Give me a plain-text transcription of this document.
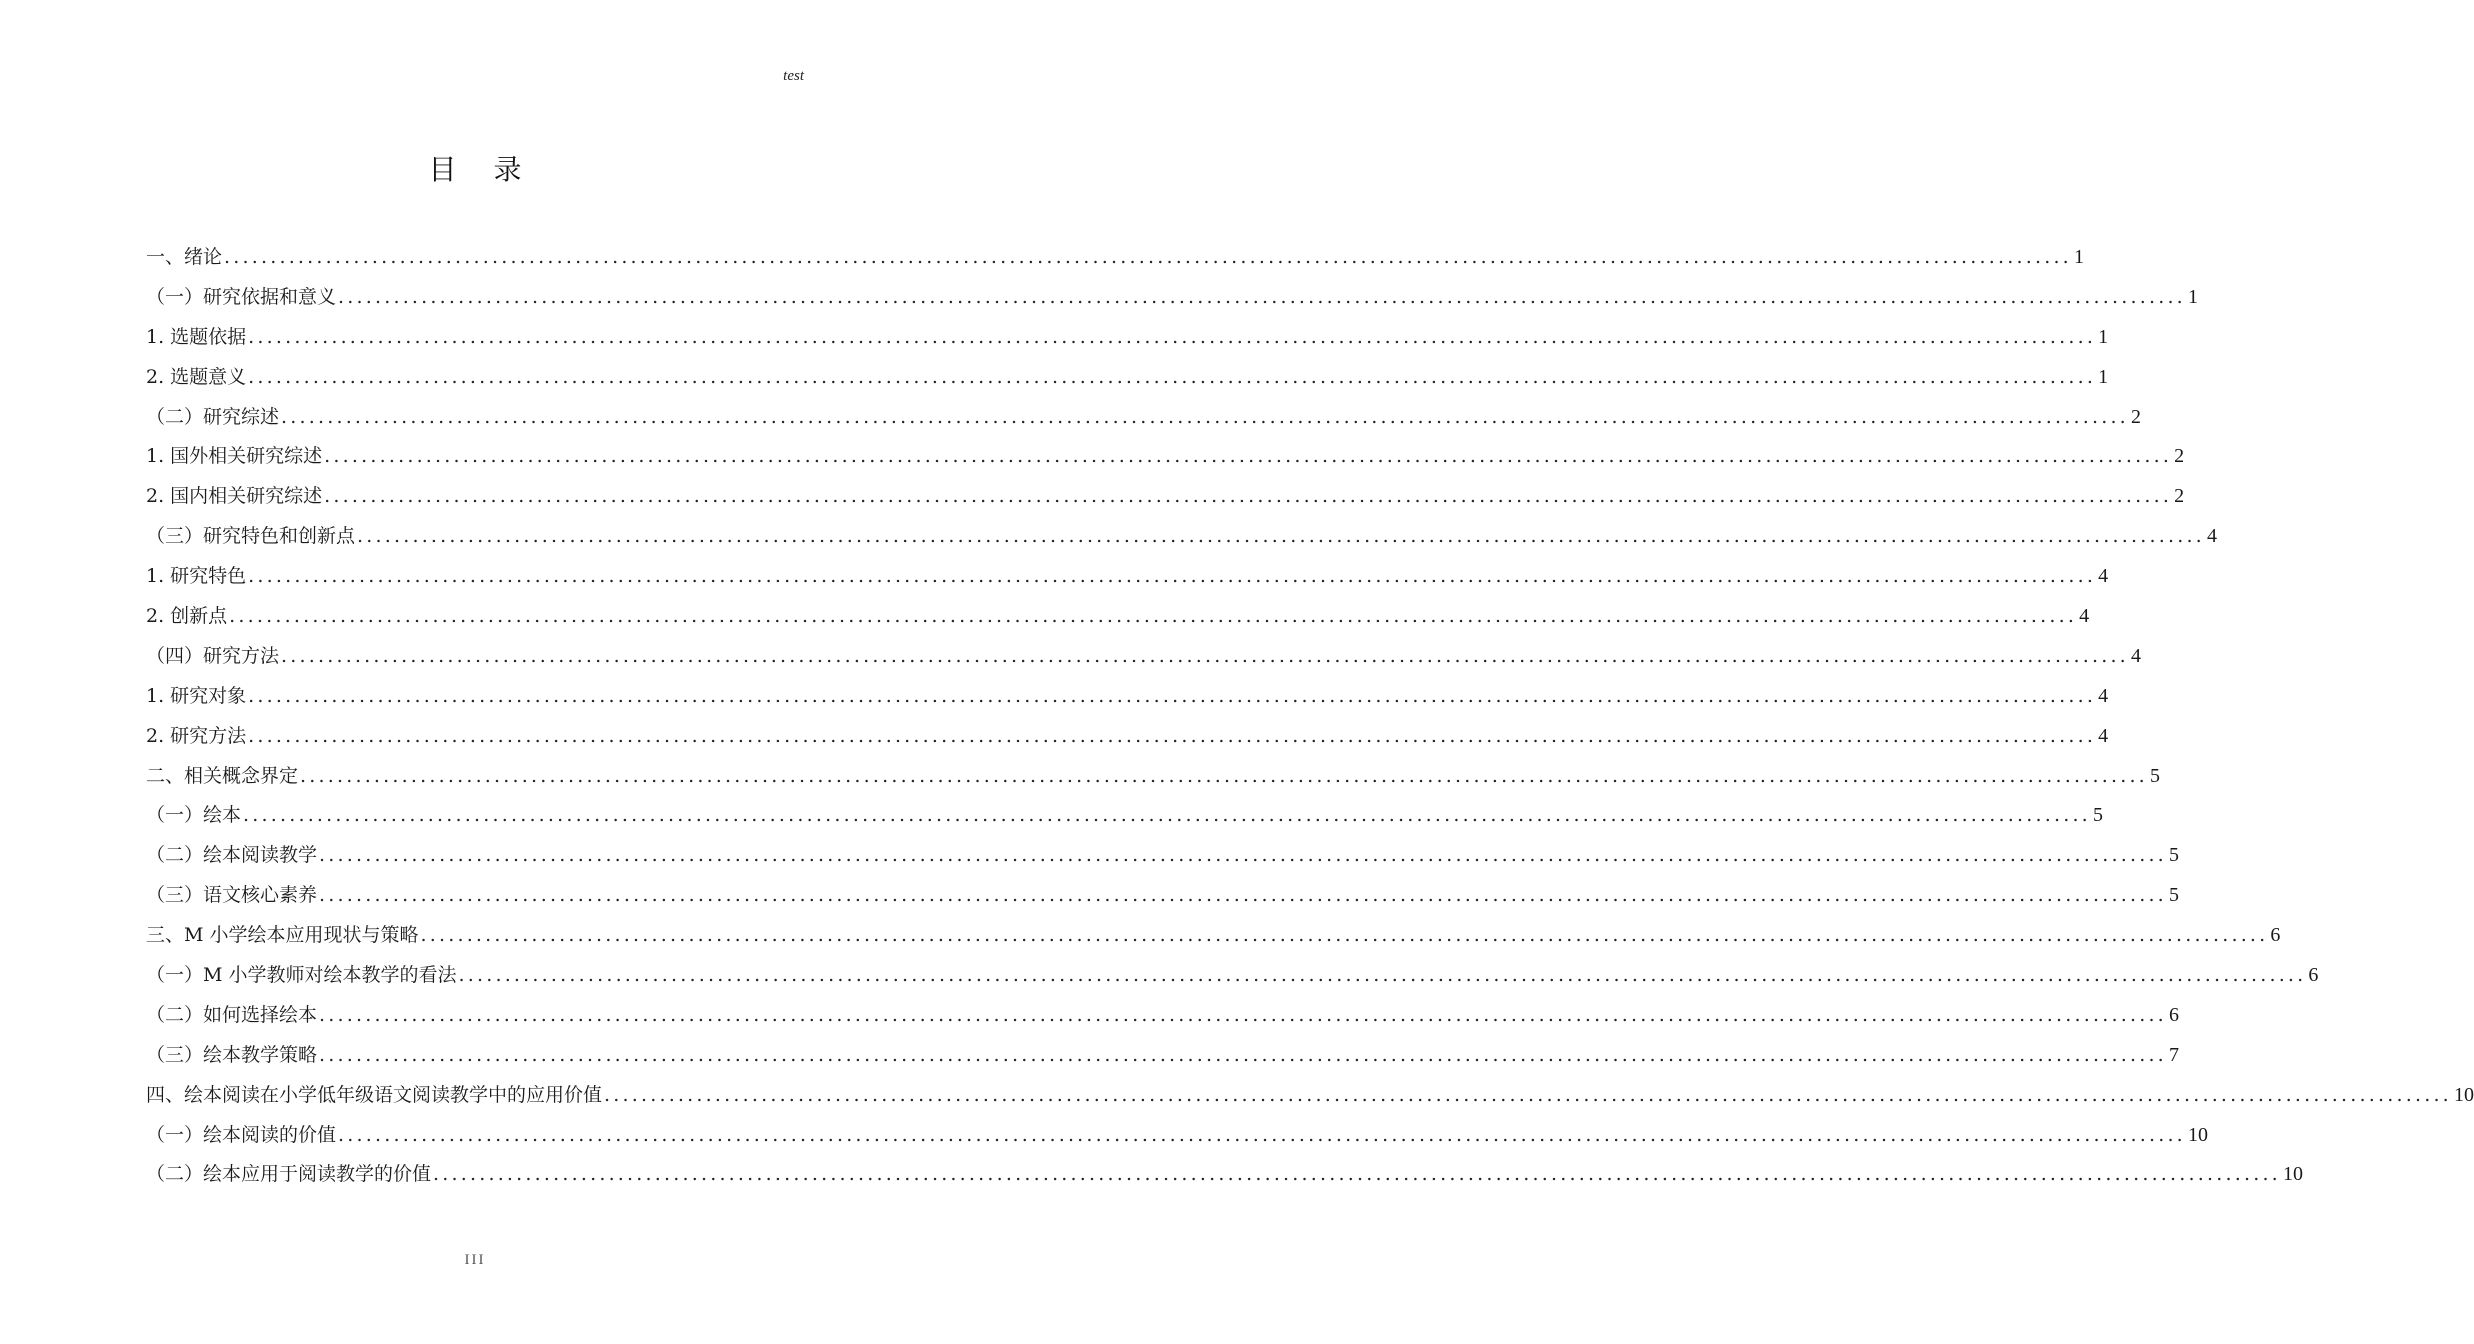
test
目 录
一、绪论 ........................................................................................................................................................................................................ 1
（一）研究依据和意义 ........................................................................................................................................................................................................ 1
1. 选题依据 ........................................................................................................................................................................................................ 1
2. 选题意义 ........................................................................................................................................................................................................ 1
（二）研究综述 ........................................................................................................................................................................................................ 2
1. 国外相关研究综述 ........................................................................................................................................................................................................ 2
2. 国内相关研究综述 ........................................................................................................................................................................................................ 2
（三）研究特色和创新点 ........................................................................................................................................................................................................ 4
1. 研究特色 ........................................................................................................................................................................................................ 4
2. 创新点 ........................................................................................................................................................................................................ 4
（四）研究方法 ........................................................................................................................................................................................................ 4
1. 研究对象 ........................................................................................................................................................................................................ 4
2. 研究方法 ........................................................................................................................................................................................................ 4
二、相关概念界定 ........................................................................................................................................................................................................ 5
（一）绘本 ........................................................................................................................................................................................................ 5
（二）绘本阅读教学 ........................................................................................................................................................................................................ 5
（三）语文核心素养 ........................................................................................................................................................................................................ 5
三、M 小学绘本应用现状与策略 ........................................................................................................................................................................................................ 6
（一）M 小学教师对绘本教学的看法 ........................................................................................................................................................................................................ 6
（二）如何选择绘本 ........................................................................................................................................................................................................ 6
（三）绘本教学策略 ........................................................................................................................................................................................................ 7
四、绘本阅读在小学低年级语文阅读教学中的应用价值 ........................................................................................................................................................................................................ 10
（一）绘本阅读的价值 ........................................................................................................................................................................................................ 10
（二）绘本应用于阅读教学的价值 ........................................................................................................................................................................................................ 10
III
